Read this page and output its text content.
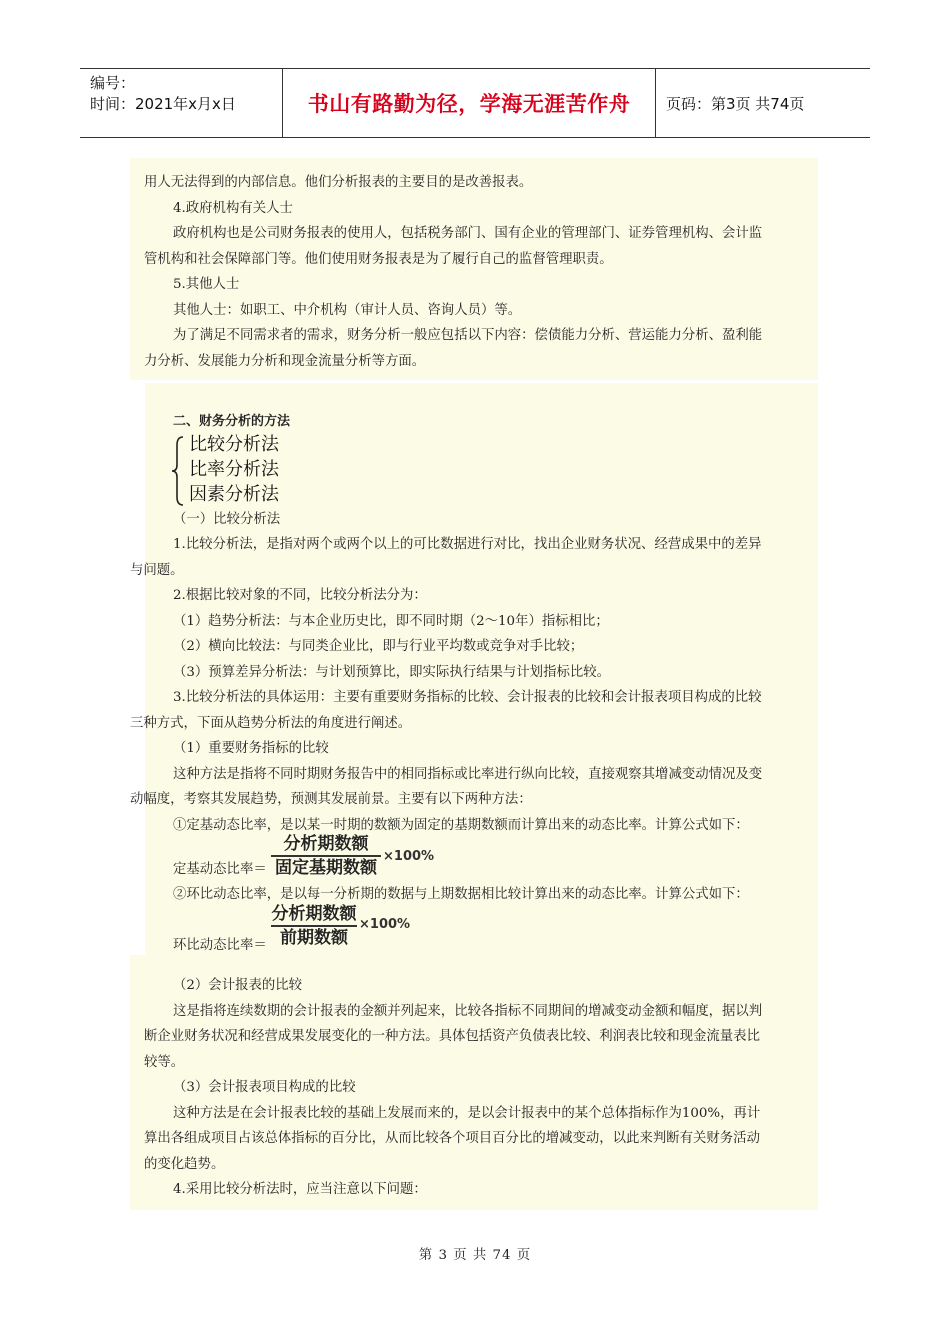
编号：
时间：2021年x月x日	书山有路勤为径，学海无涯苦作舟	页码：第3页 共74页
用人无法得到的内部信息。他们分析报表的主要目的是改善报表。
4.政府机构有关人士
政府机构也是公司财务报表的使用人，包括税务部门、国有企业的管理部门、证券管理机构、会计监
管机构和社会保障部门等。他们使用财务报表是为了履行自己的监督管理职责。
5.其他人士
其他人士：如职工、中介机构（审计人员、咨询人员）等。
为了满足不同需求者的需求，财务分析一般应包括以下内容：偿债能力分析、营运能力分析、盈利能
力分析、发展能力分析和现金流量分析等方面。
二、财务分析的方法
比较分析法
比率分析法
因素分析法
（一）比较分析法
1.比较分析法，是指对两个或两个以上的可比数据进行对比，找出企业财务状况、经营成果中的差异
与问题。
2.根据比较对象的不同，比较分析法分为：
（1）趋势分析法：与本企业历史比，即不同时期（2～10年）指标相比；
（2）横向比较法：与同类企业比，即与行业平均数或竞争对手比较；
（3）预算差异分析法：与计划预算比，即实际执行结果与计划指标比较。
3.比较分析法的具体运用：主要有重要财务指标的比较、会计报表的比较和会计报表项目构成的比较
三种方式，下面从趋势分析法的角度进行阐述。
（1）重要财务指标的比较
这种方法是指将不同时期财务报告中的相同指标或比率进行纵向比较，直接观察其增减变动情况及变
动幅度，考察其发展趋势，预测其发展前景。主要有以下两种方法：
①定基动态比率，是以某一时期的数额为固定的基期数额而计算出来的动态比率。计算公式如下：
定基动态比率＝
分析期数额
固定基期数额
×100%
②环比动态比率，是以每一分析期的数据与上期数据相比较计算出来的动态比率。计算公式如下：
环比动态比率＝
分析期数额
前期数额
×100%
（2）会计报表的比较
这是指将连续数期的会计报表的金额并列起来，比较各指标不同期间的增减变动金额和幅度，据以判
断企业财务状况和经营成果发展变化的一种方法。具体包括资产负债表比较、利润表比较和现金流量表比
较等。
（3）会计报表项目构成的比较
这种方法是在会计报表比较的基础上发展而来的，是以会计报表中的某个总体指标作为100%，再计
算出各组成项目占该总体指标的百分比，从而比较各个项目百分比的增减变动，以此来判断有关财务活动
的变化趋势。
4.采用比较分析法时，应当注意以下问题：
第 3 页 共 74 页
